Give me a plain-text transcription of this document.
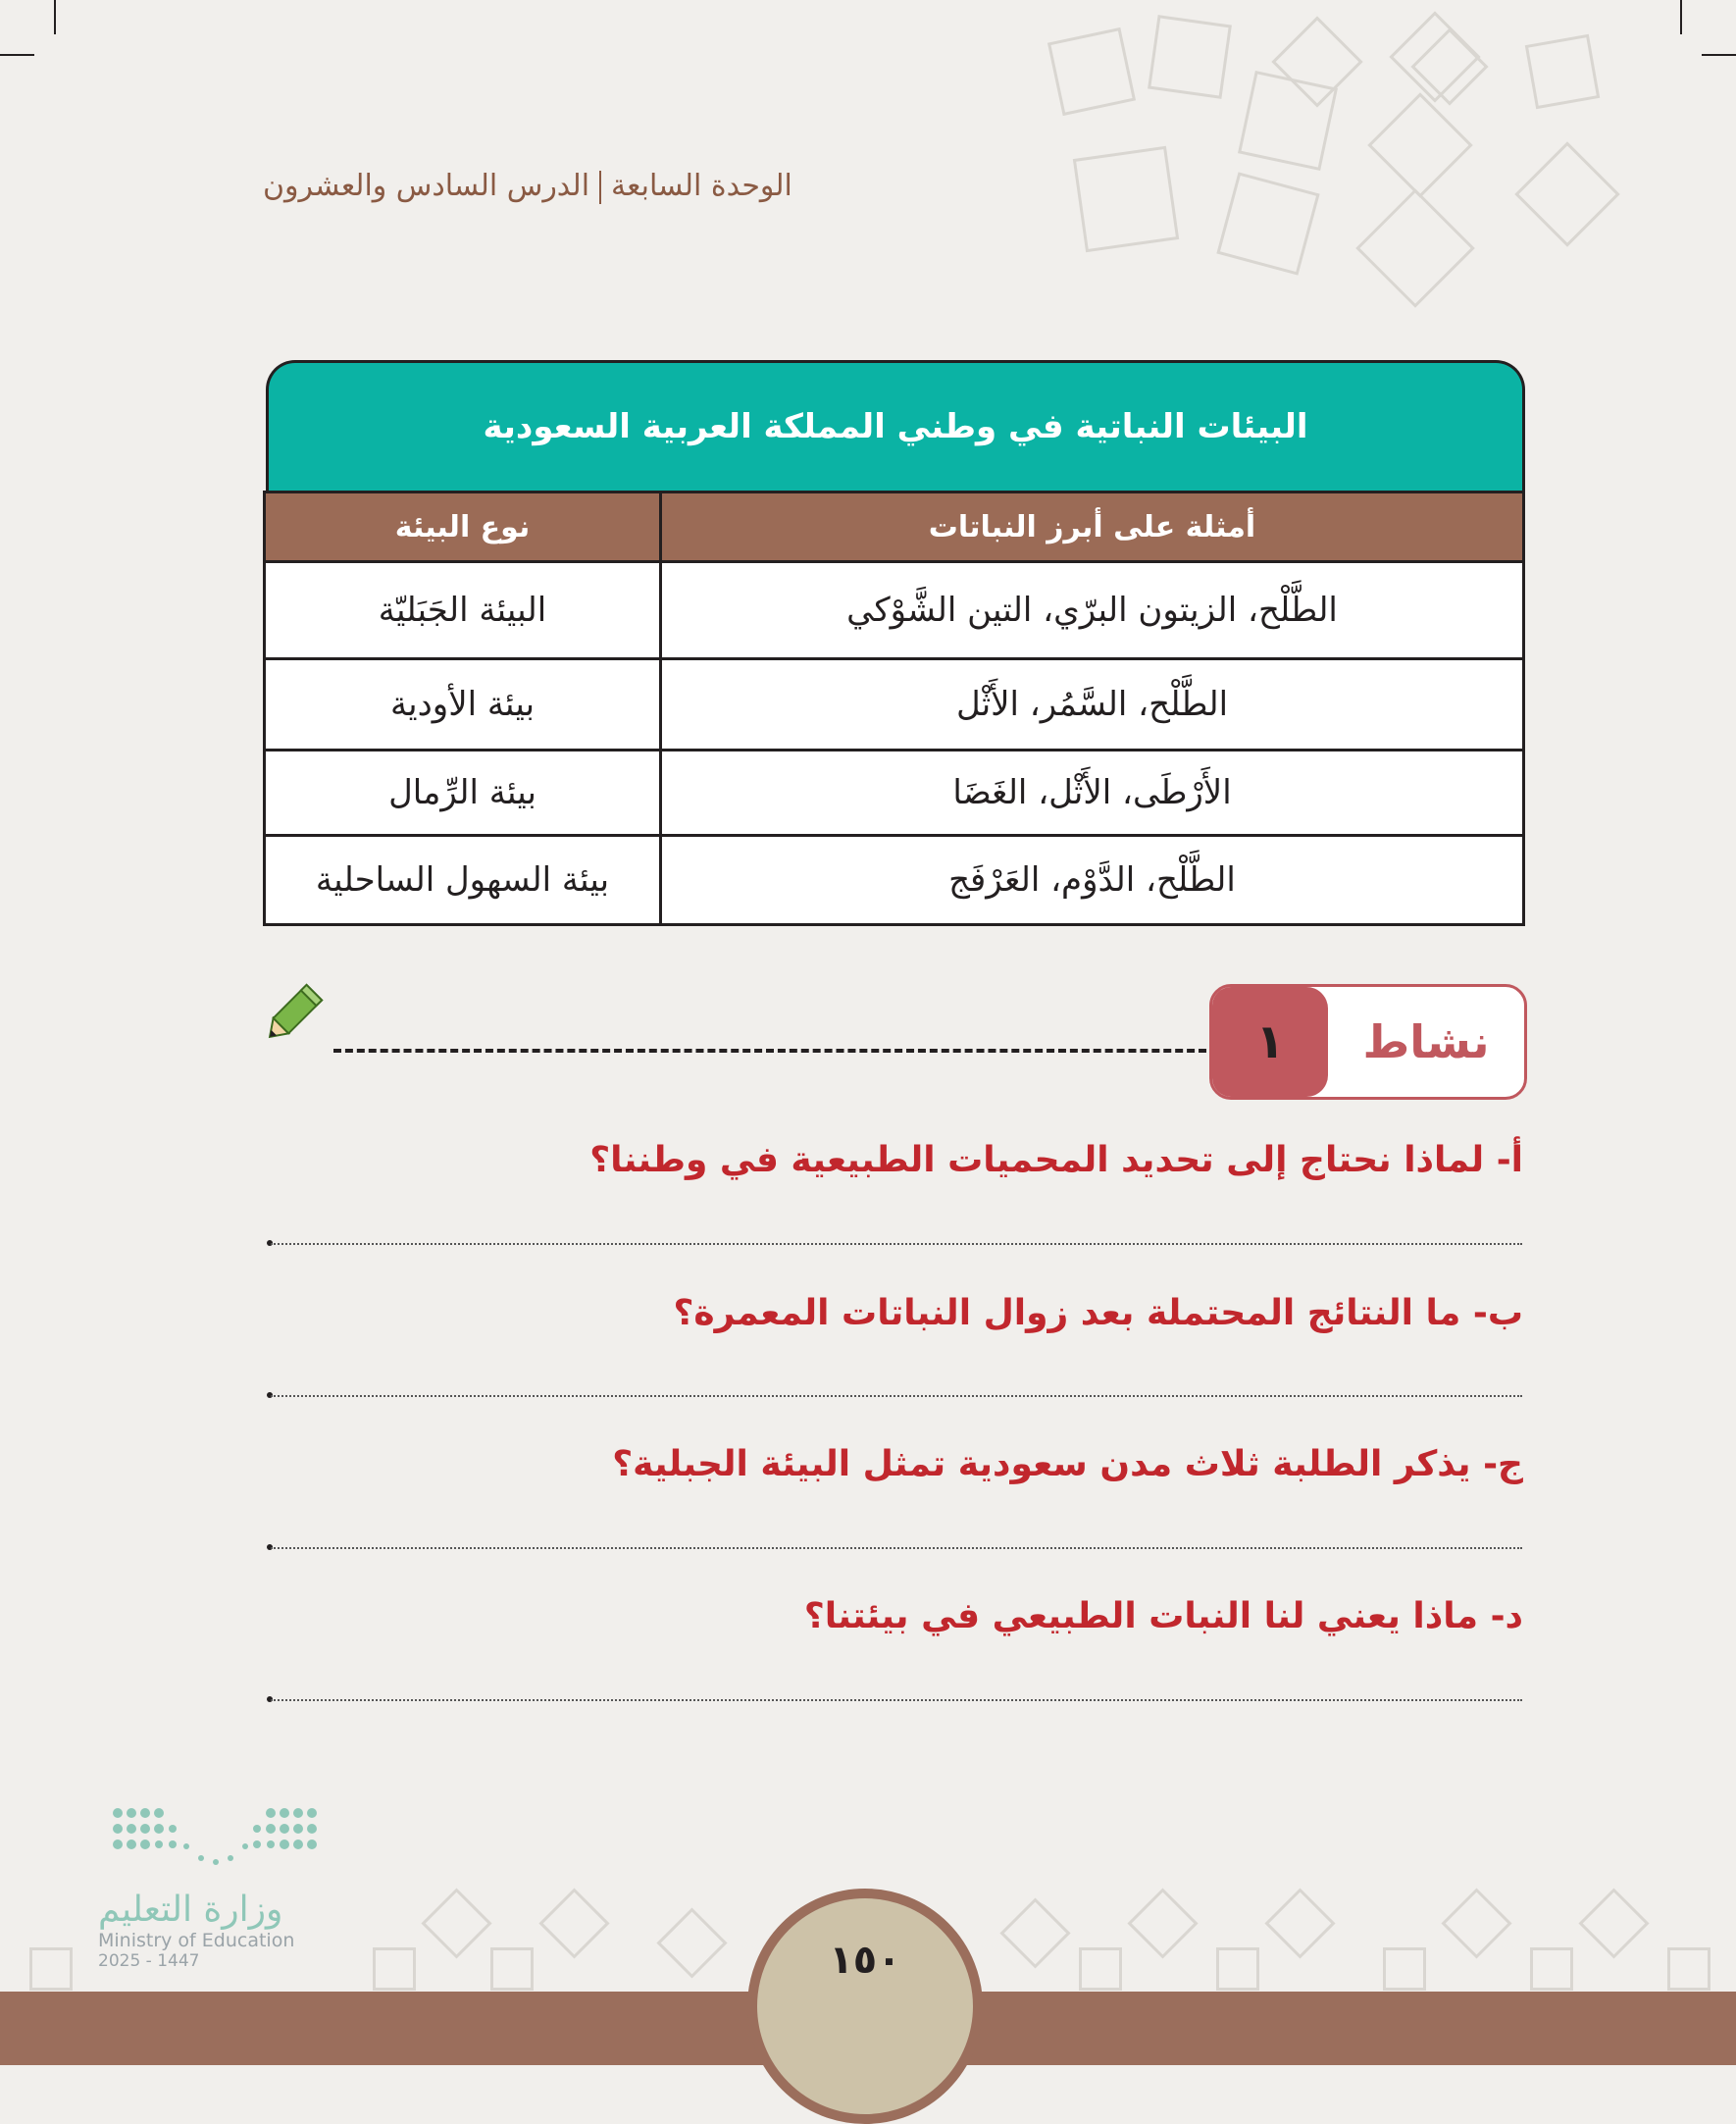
الوحدة السابعةالدرس السادس والعشرون
البيئات النباتية في وطني المملكة العربية السعودية
أمثلة على أبرز النباتات	نوع البيئة
الطَّلْح، الزيتون البرّي، التين الشَّوْكي	البيئة الجَبَليّة
الطَّلْح، السَّمُر، الأَثْل	بيئة الأودية
الأَرْطَى، الأَثْل، الغَضَا	بيئة الرِّمال
الطَّلْح، الدَّوْم، العَرْفَج	بيئة السهول الساحلية
نشاط
١
أ- لماذا نحتاج إلى تحديد المحميات الطبيعية في وطننا؟
ب- ما النتائج المحتملة بعد زوال النباتات المعمرة؟
ج- يذكر الطلبة ثلاث مدن سعودية تمثل البيئة الجبلية؟
د- ماذا يعني لنا النبات الطبيعي في بيئتنا؟
وزارة التعليم
Ministry of Education
2025 - 1447	١٥٠
